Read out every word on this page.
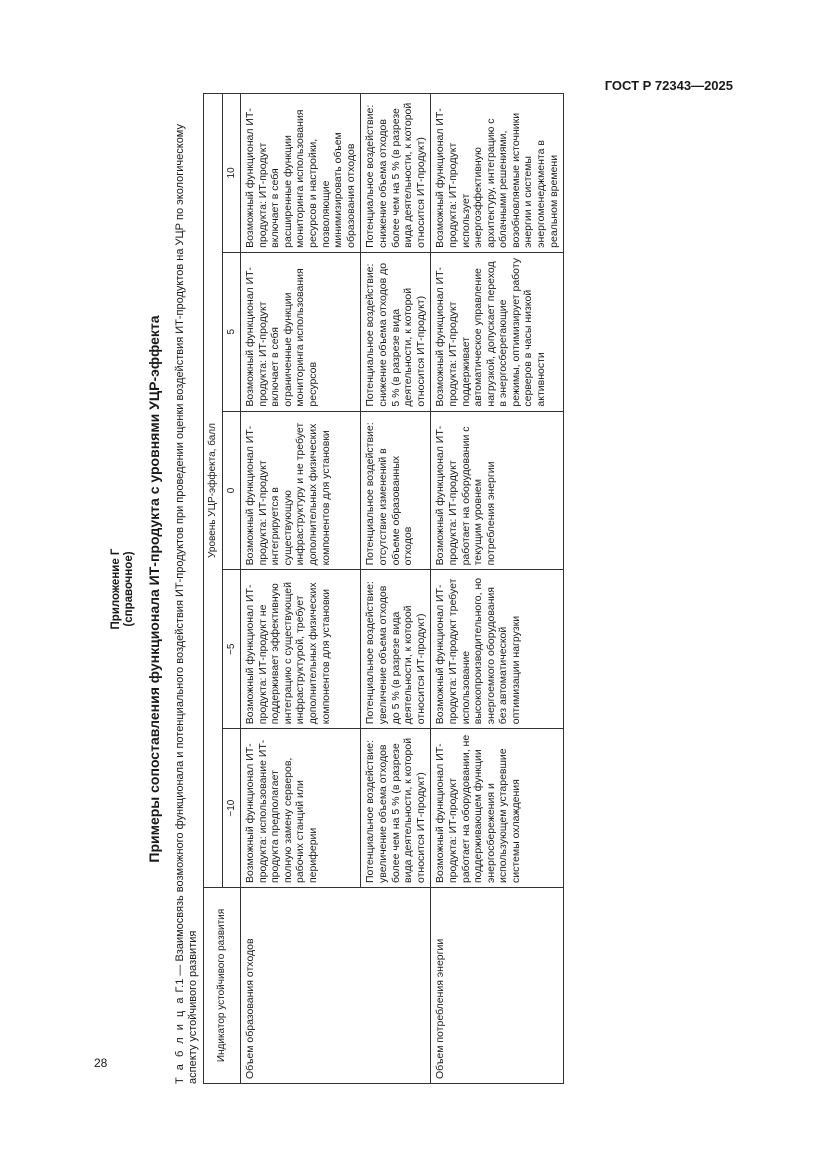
ГОСТ Р 72343—2025
28
Приложение Г (справочное) Примеры сопоставления функционала ИТ-продукта с уровнями УЦР-эффекта
Т а б л и ц а Г.1 — Взаимосвязь возможного функционала и потенциального воздействия ИТ-продуктов при проведении оценки воздействия ИТ-продуктов на УЦР по экологическому аспекту устойчивого развития Индикатор устойчивого развития	Уровень УЦР-эффекта, балл				
	−10	−5	0	5	10
Объем образования отходов	Возможный функционал ИТ-продукта: использование ИТ-продукта предполагает полную замену серверов, рабочих станций или периферии	Возможный функционал ИТ-продукта: ИТ-продукт не поддерживает эффективную интеграцию с существующей инфраструктурой, требует дополнительных физических компонентов для установки	Возможный функционал ИТ-продукта: ИТ-продукт интегрируется в существующую инфраструктуру и не требует дополнительных физических компонентов для установки	Возможный функционал ИТ-продукта: ИТ-продукт включает в себя ограниченные функции мониторинга использования ресурсов	Возможный функционал ИТ-продукта: ИТ-продукт включает в себя расширенные функции мониторинга использования ресурсов и настройки, позволяющие минимизировать объем образования отходов
	Потенциальное воздействие: увеличение объема отходов более чем на 5 % (в разрезе вида деятельности, к которой относится ИТ-продукт)	Потенциальное воздействие: увеличение объема отходов до 5 % (в разрезе вида деятельности, к которой относится ИТ-продукт)	Потенциальное воздействие: отсутствие изменений в объеме образованных отходов	Потенциальное воздействие: снижение объема отходов до 5 % (в разрезе вида деятельности, к которой относится ИТ-продукт)	Потенциальное воздействие: снижение объема отходов более чем на 5 % (в разрезе вида деятельности, к которой относится ИТ-продукт)
Объем потребления энергии	Возможный функционал ИТ-продукта: ИТ-продукт работает на оборудовании, не поддерживающем функции энергосбережения и использующем устаревшие системы охлаждения	Возможный функционал ИТ-продукта: ИТ-продукт требует использование высокопроизводительного, но энергоемкого оборудования без автоматической оптимизации нагрузки	Возможный функционал ИТ-продукта: ИТ-продукт работает на оборудовании с текущим уровнем потребления энергии	Возможный функционал ИТ-продукта: ИТ-продукт поддерживает автоматическое управление нагрузкой, допускает переход в энергосберегающие режимы, оптимизирует работу серверов в часы низкой активности	Возможный функционал ИТ-продукта: ИТ-продукт использует энергоэффективную архитектуру, интеграцию с облачными решениями, возобновляемые источники энергии и системы энергоменеджмента в реальном времени
